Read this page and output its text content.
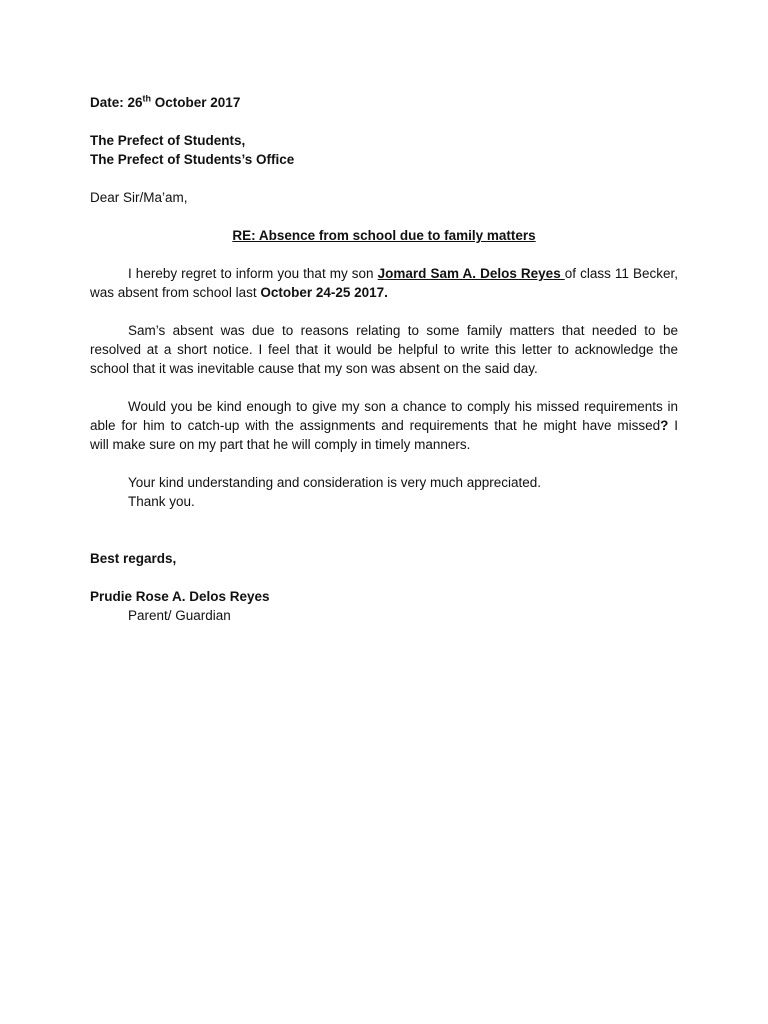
Date: 26th October 2017
The Prefect of Students,
The Prefect of Students’s Office
Dear Sir/Ma’am,
RE: Absence from school due to family matters
I hereby regret to inform you that my son Jomard Sam A. Delos Reyes of class 11 Becker,
was absent from school last October 24-25 2017.
Sam’s absent was due to reasons relating to some family matters that needed to be
resolved at a short notice. I feel that it would be helpful to write this letter to acknowledge the
school that it was inevitable cause that my son was absent on the said day.
Would you be kind enough to give my son a chance to comply his missed requirements in
able for him to catch-up with the assignments and requirements that he might have missed? I
will make sure on my part that he will comply in timely manners.
Your kind understanding and consideration is very much appreciated.
Thank you.
Best regards,
Prudie Rose A. Delos Reyes
Parent/ Guardian
